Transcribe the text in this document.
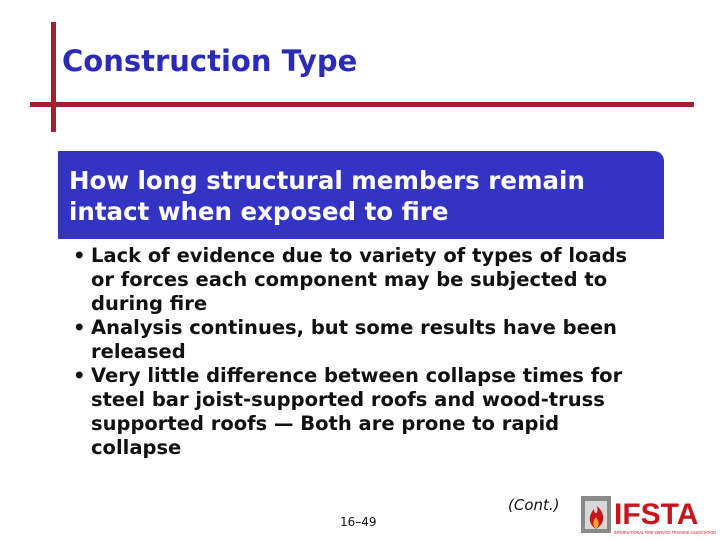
Construction Type
How long structural members remain intact when exposed to fire
• Lack of evidence due to variety of types of loads or forces each component may be subjected to during fire
• Analysis continues, but some results have been released
• Very little difference between collapse times for steel bar joist-supported roofs and wood-truss supported roofs — Both are prone to rapid collapse
(Cont.)
16–49	IFSTA
INTERNATIONAL FIRE SERVICE TRAINING ASSOCIATION
